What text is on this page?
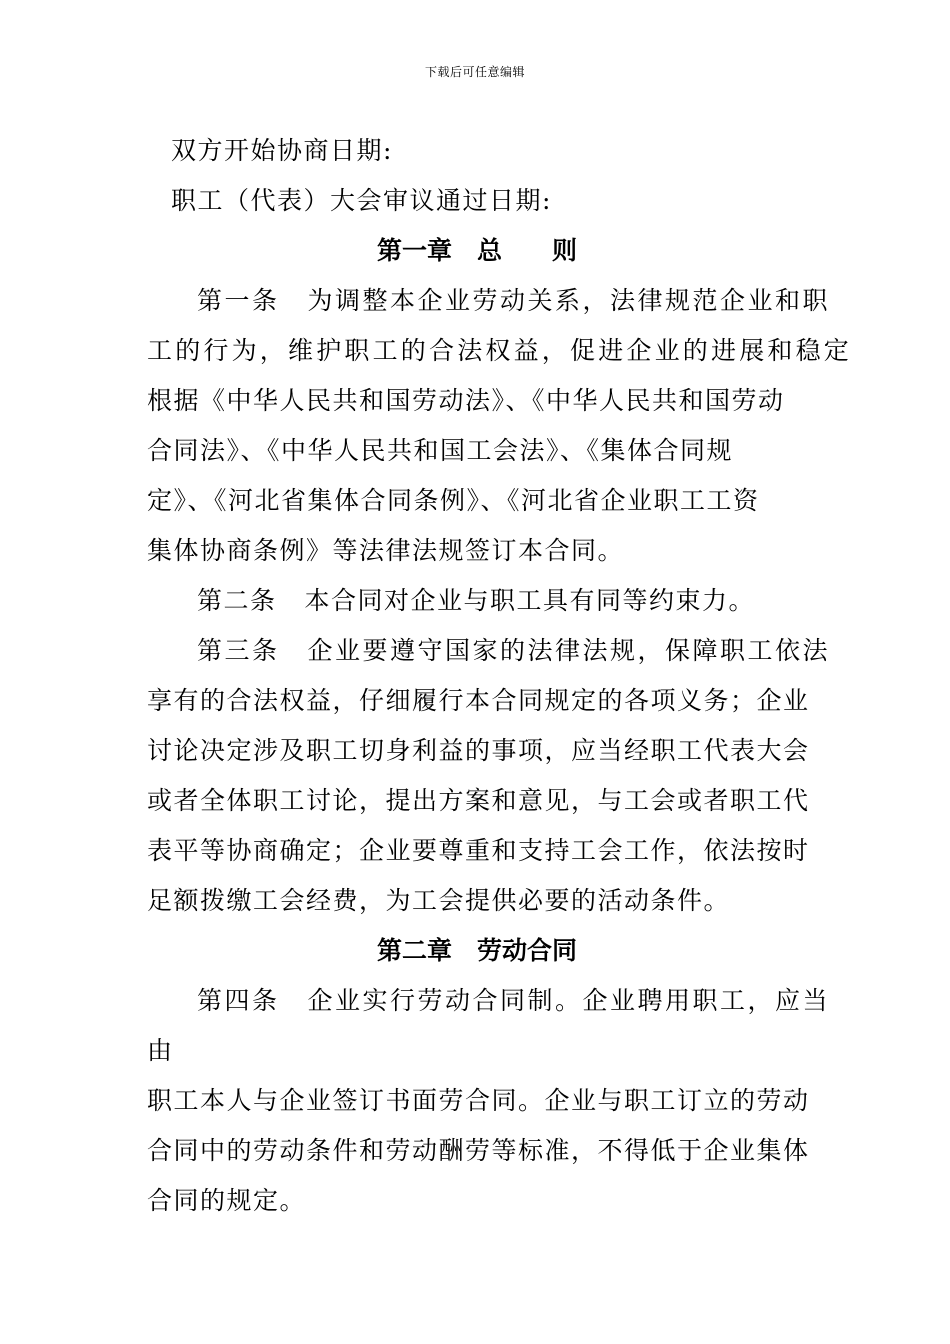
下载后可任意编辑
双方开始协商日期:
职工（代表）大会审议通过日期:
第一章　总　　则
第一条 为调整本企业劳动关系，法律规范企业和职
工的行为，维护职工的合法权益，促进企业的进展和稳定
根据《中华人民共和国劳动法》、《中华人民共和国劳动
合同法》、《中华人民共和国工会法》、《集体合同规
定》、《河北省集体合同条例》、《河北省企业职工工资
集体协商条例》等法律法规签订本合同。
第二条 本合同对企业与职工具有同等约束力。
第三条 企业要遵守国家的法律法规，保障职工依法
享有的合法权益，仔细履行本合同规定的各项义务；企业
讨论决定涉及职工切身利益的事项，应当经职工代表大会
或者全体职工讨论，提出方案和意见，与工会或者职工代
表平等协商确定；企业要尊重和支持工会工作，依法按时
足额拨缴工会经费，为工会提供必要的活动条件。
第二章　劳动合同
第四条 企业实行劳动合同制。企业聘用职工，应当
由
职工本人与企业签订书面劳合同。企业与职工订立的劳动
合同中的劳动条件和劳动酬劳等标准，不得低于企业集体
合同的规定。
